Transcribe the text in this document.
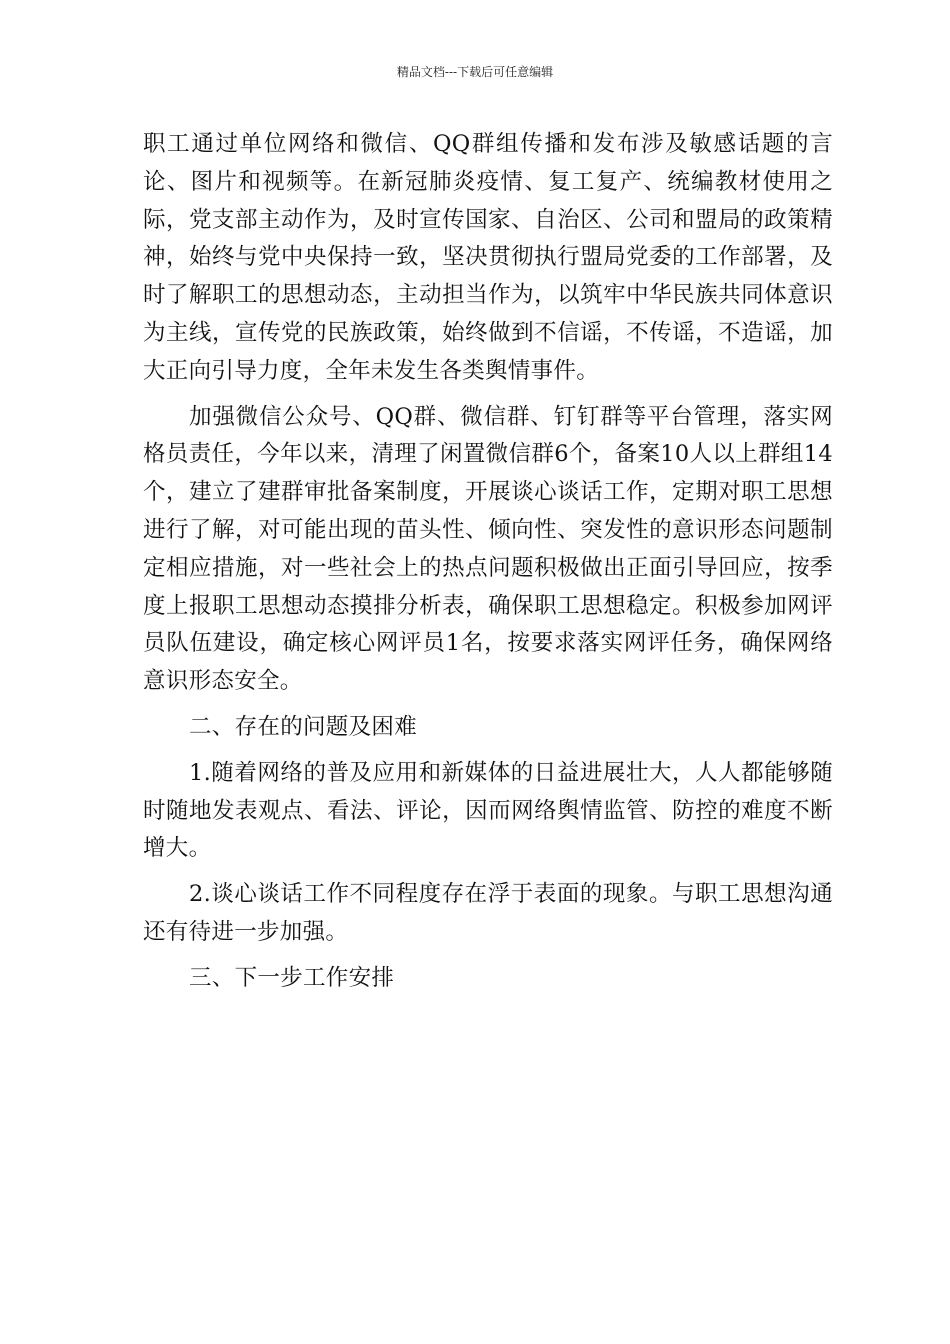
精品文档---下载后可任意编辑

职工通过单位网络和微信、QQ群组传播和发布涉及敏感话题的言论、图片和视频等。在新冠肺炎疫情、复工复产、统编教材使用之际，党支部主动作为，及时宣传国家、自治区、公司和盟局的政策精神，始终与党中央保持一致，坚决贯彻执行盟局党委的工作部署，及时了解职工的思想动态，主动担当作为，以筑牢中华民族共同体意识为主线，宣传党的民族政策，始终做到不信谣，不传谣，不造谣，加大正向引导力度，全年未发生各类舆情事件。

加强微信公众号、QQ群、微信群、钉钉群等平台管理，落实网格员责任，今年以来，清理了闲置微信群6个，备案10人以上群组14个，建立了建群审批备案制度，开展谈心谈话工作，定期对职工思想进行了解，对可能出现的苗头性、倾向性、突发性的意识形态问题制定相应措施，对一些社会上的热点问题积极做出正面引导回应，按季度上报职工思想动态摸排分析表，确保职工思想稳定。积极参加网评员队伍建设，确定核心网评员1名，按要求落实网评任务，确保网络意识形态安全。

二、存在的问题及困难

1.随着网络的普及应用和新媒体的日益进展壮大，人人都能够随时随地发表观点、看法、评论，因而网络舆情监管、防控的难度不断增大。

2.谈心谈话工作不同程度存在浮于表面的现象。与职工思想沟通还有待进一步加强。

三、下一步工作安排
